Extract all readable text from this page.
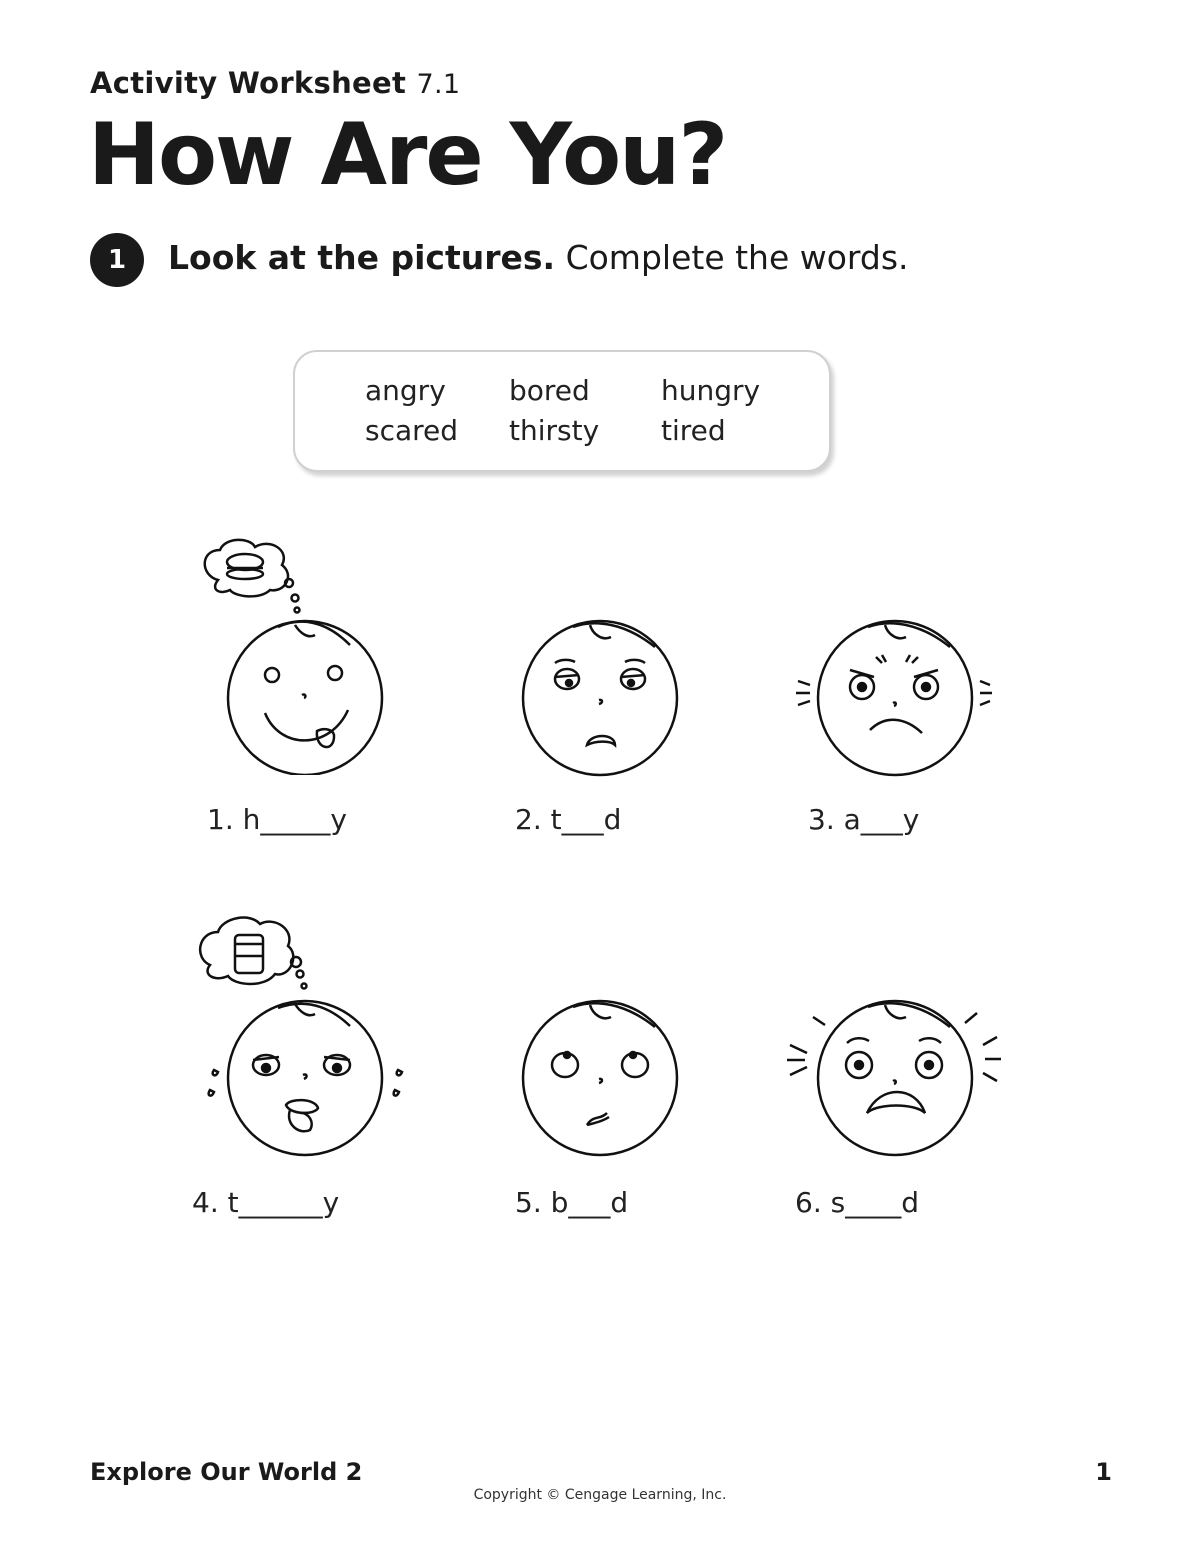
Activity Worksheet 7.1
How Are You?
1	Look at the pictures. Complete the words.
angry bored	hungry
scared thirsty tired
1. h_____y	2. t___d	3. a___y
4. t______y	5. b___d	6. s____d
Explore Our World 2	1
Copyright © Cengage Learning, Inc.
